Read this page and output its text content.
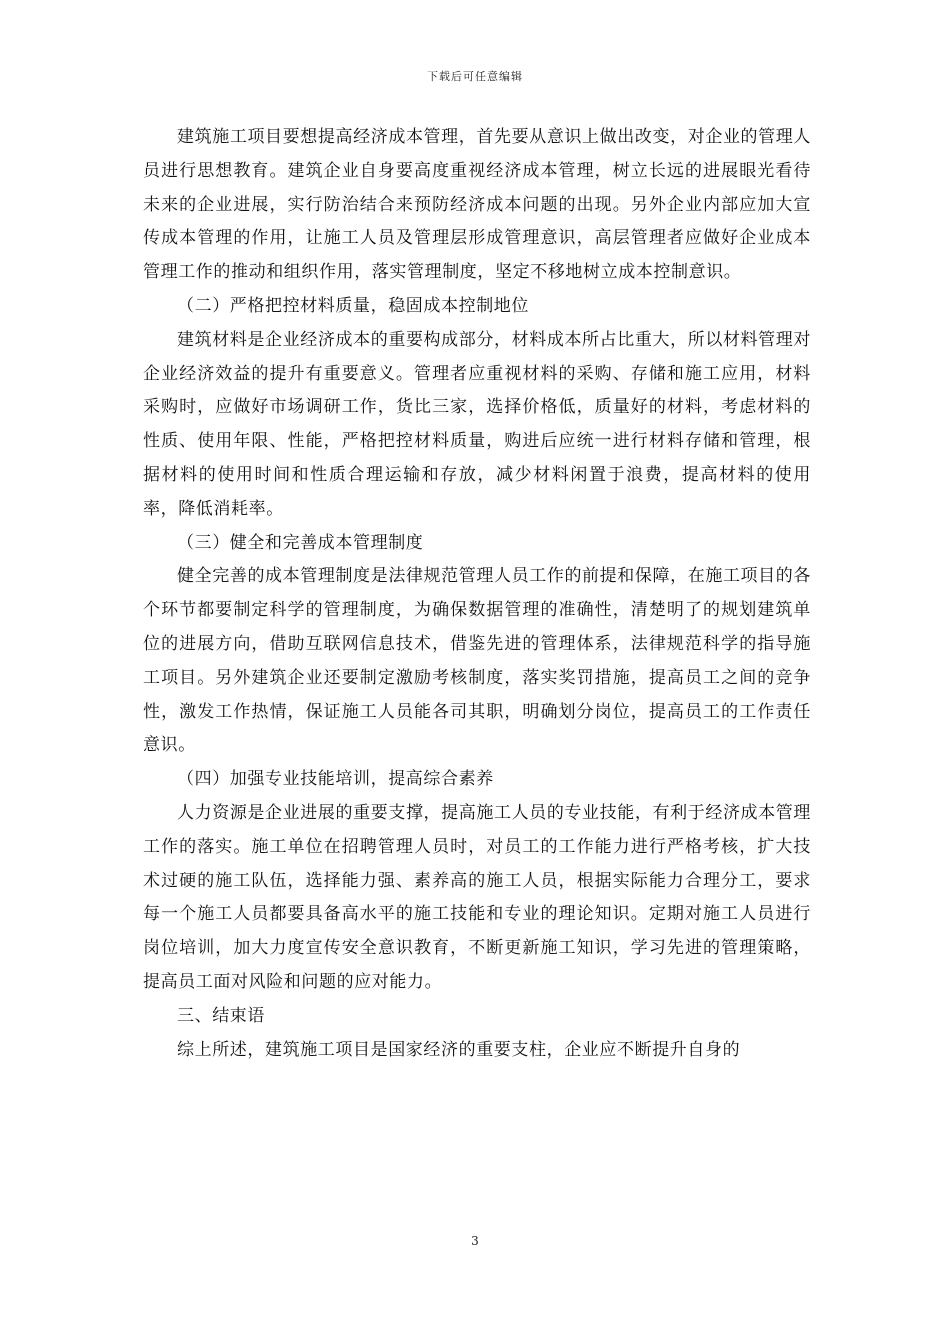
下载后可任意编辑

建筑施工项目要想提高经济成本管理，首先要从意识上做出改变，对企业的管理人员进行思想教育。建筑企业自身要高度重视经济成本管理，树立长远的进展眼光看待未来的企业进展，实行防治结合来预防经济成本问题的出现。另外企业内部应加大宣传成本管理的作用，让施工人员及管理层形成管理意识，高层管理者应做好企业成本管理工作的推动和组织作用，落实管理制度，坚定不移地树立成本控制意识。

（二）严格把控材料质量，稳固成本控制地位

建筑材料是企业经济成本的重要构成部分，材料成本所占比重大，所以材料管理对企业经济效益的提升有重要意义。管理者应重视材料的采购、存储和施工应用，材料采购时，应做好市场调研工作，货比三家，选择价格低，质量好的材料，考虑材料的性质、使用年限、性能，严格把控材料质量，购进后应统一进行材料存储和管理，根据材料的使用时间和性质合理运输和存放，减少材料闲置于浪费，提高材料的使用率，降低消耗率。

（三）健全和完善成本管理制度

健全完善的成本管理制度是法律规范管理人员工作的前提和保障，在施工项目的各个环节都要制定科学的管理制度，为确保数据管理的准确性，清楚明了的规划建筑单位的进展方向，借助互联网信息技术，借鉴先进的管理体系，法律规范科学的指导施工项目。另外建筑企业还要制定激励考核制度，落实奖罚措施，提高员工之间的竞争性，激发工作热情，保证施工人员能各司其职，明确划分岗位，提高员工的工作责任意识。

（四）加强专业技能培训，提高综合素养

人力资源是企业进展的重要支撑，提高施工人员的专业技能，有利于经济成本管理工作的落实。施工单位在招聘管理人员时，对员工的工作能力进行严格考核，扩大技术过硬的施工队伍，选择能力强、素养高的施工人员，根据实际能力合理分工，要求每一个施工人员都要具备高水平的施工技能和专业的理论知识。定期对施工人员进行岗位培训，加大力度宣传安全意识教育，不断更新施工知识，学习先进的管理策略，提高员工面对风险和问题的应对能力。

三、结束语

综上所述，建筑施工项目是国家经济的重要支柱，企业应不断提升自身的

3
